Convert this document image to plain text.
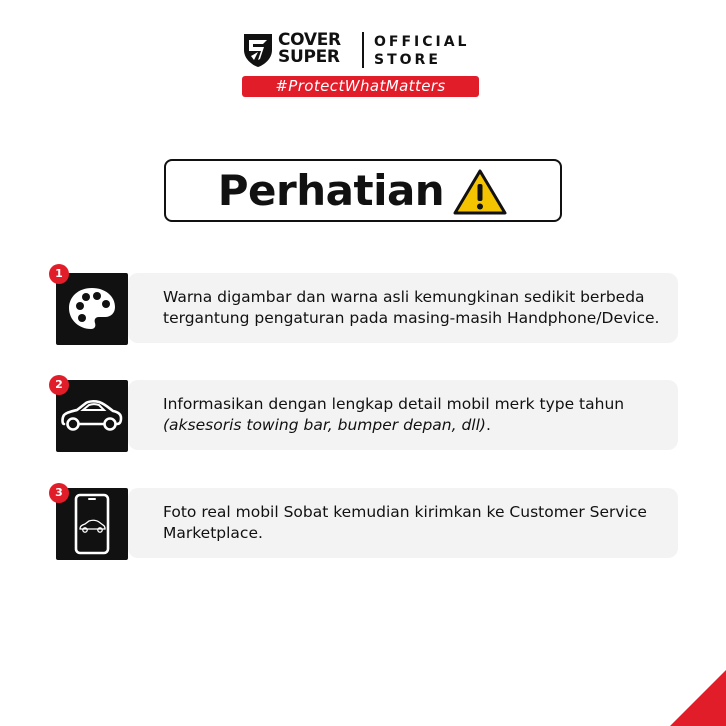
COVER
SUPER
OFFICIAL
STORE
#ProtectWhatMatters
Perhatian
Warna digambar dan warna asli kemungkinan sedikit berbeda tergantung pengaturan pada masing-masih Handphone/Device.
1
Informasikan dengan lengkap detail mobil merk type tahun (aksesoris towing bar, bumper depan, dll).
2
Foto real mobil Sobat kemudian kirimkan ke Customer Service Marketplace.
3
